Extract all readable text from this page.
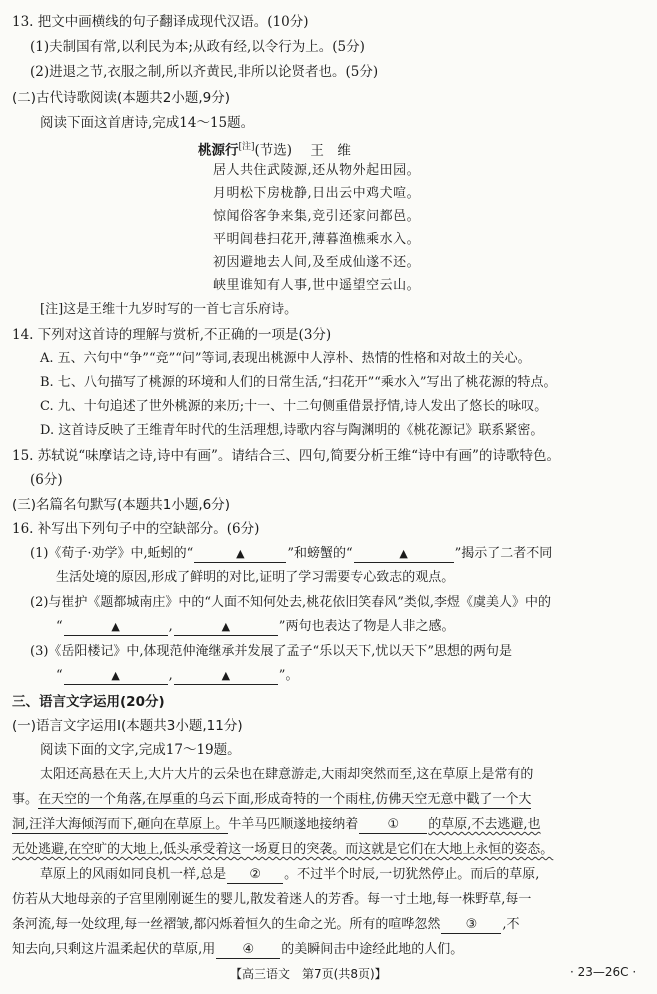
13. 把文中画横线的句子翻译成现代汉语。(10分)
(1)夫制国有常,以利民为本;从政有经,以令行为上。(5分)
(2)进退之节,衣服之制,所以齐黄民,非所以论贤者也。(5分)
(二)古代诗歌阅读(本题共2小题,9分)
阅读下面这首唐诗,完成14～15题。
桃源行[注](节选) 王　维
居人共住武陵源,还从物外起田园。
月明松下房栊静,日出云中鸡犬喧。
惊闻俗客争来集,竞引还家问都邑。
平明闾巷扫花开,薄暮渔樵乘水入。
初因避地去人间,及至成仙遂不还。
峡里谁知有人事,世中遥望空云山。
[注]这是王维十九岁时写的一首七言乐府诗。
14. 下列对这首诗的理解与赏析,不正确的一项是(3分)
A. 五、六句中“争”“竞”“问”等词,表现出桃源中人淳朴、热情的性格和对故土的关心。
B. 七、八句描写了桃源的环境和人们的日常生活,“扫花开”“乘水入”写出了桃花源的特点。
C. 九、十句追述了世外桃源的来历;十一、十二句侧重借景抒情,诗人发出了悠长的咏叹。
D. 这首诗反映了王维青年时代的生活理想,诗歌内容与陶渊明的《桃花源记》联系紧密。
15. 苏轼说“味摩诘之诗,诗中有画”。请结合三、四句,简要分析王维“诗中有画”的诗歌特色。
(6分)
(三)名篇名句默写(本题共1小题,6分)
16. 补写出下列句子中的空缺部分。(6分)
(1)《荀子·劝学》中,蚯蚓的“	▲	”和螃蟹的“	▲	”揭示了二者不同
生活处境的原因,形成了鲜明的对比,证明了学习需要专心致志的观点。
(2)与崔护《题都城南庄》中的“人面不知何处去,桃花依旧笑春风”类似,李煜《虞美人》中的
“	▲	,	▲	”两句也表达了物是人非之感。
(3)《岳阳楼记》中,体现范仲淹继承并发展了孟子“乐以天下,忧以天下”思想的两句是
“	▲	,	▲	”。
三、语言文字运用(20分)
(一)语言文字运用Ⅰ(本题共3小题,11分)
阅读下面的文字,完成17～19题。
太阳还高悬在天上,大片大片的云朵也在肆意游走,大雨却突然而至,这在草原上是常有的
事。在天空的一个角落,在厚重的乌云下面,形成奇特的一个雨柱,仿佛天空无意中戳了一个大
洞,汪洋大海倾泻而下,砸向在草原上。牛羊马匹顺遂地接纳着 ① 的草原,不去逃避,也
无处逃避,在空旷的大地上,低头承受着这一场夏日的突袭。而这就是它们在大地上永恒的姿态。
草原上的风雨如同良机一样,总是 ② 。不过半个时辰,一切犹然停止。而后的草原,
仿若从大地母亲的子宫里刚刚诞生的婴儿,散发着迷人的芳香。每一寸土地,每一株野草,每一
条河流,每一处纹理,每一丝褶皱,都闪烁着恒久的生命之光。所有的喧哗忽然 ③ ,不
知去向,只剩这片温柔起伏的草原,用 ④ 的美瞬间击中途经此地的人们。
【高三语文　第7页(共8页)】	· 23—26C ·
